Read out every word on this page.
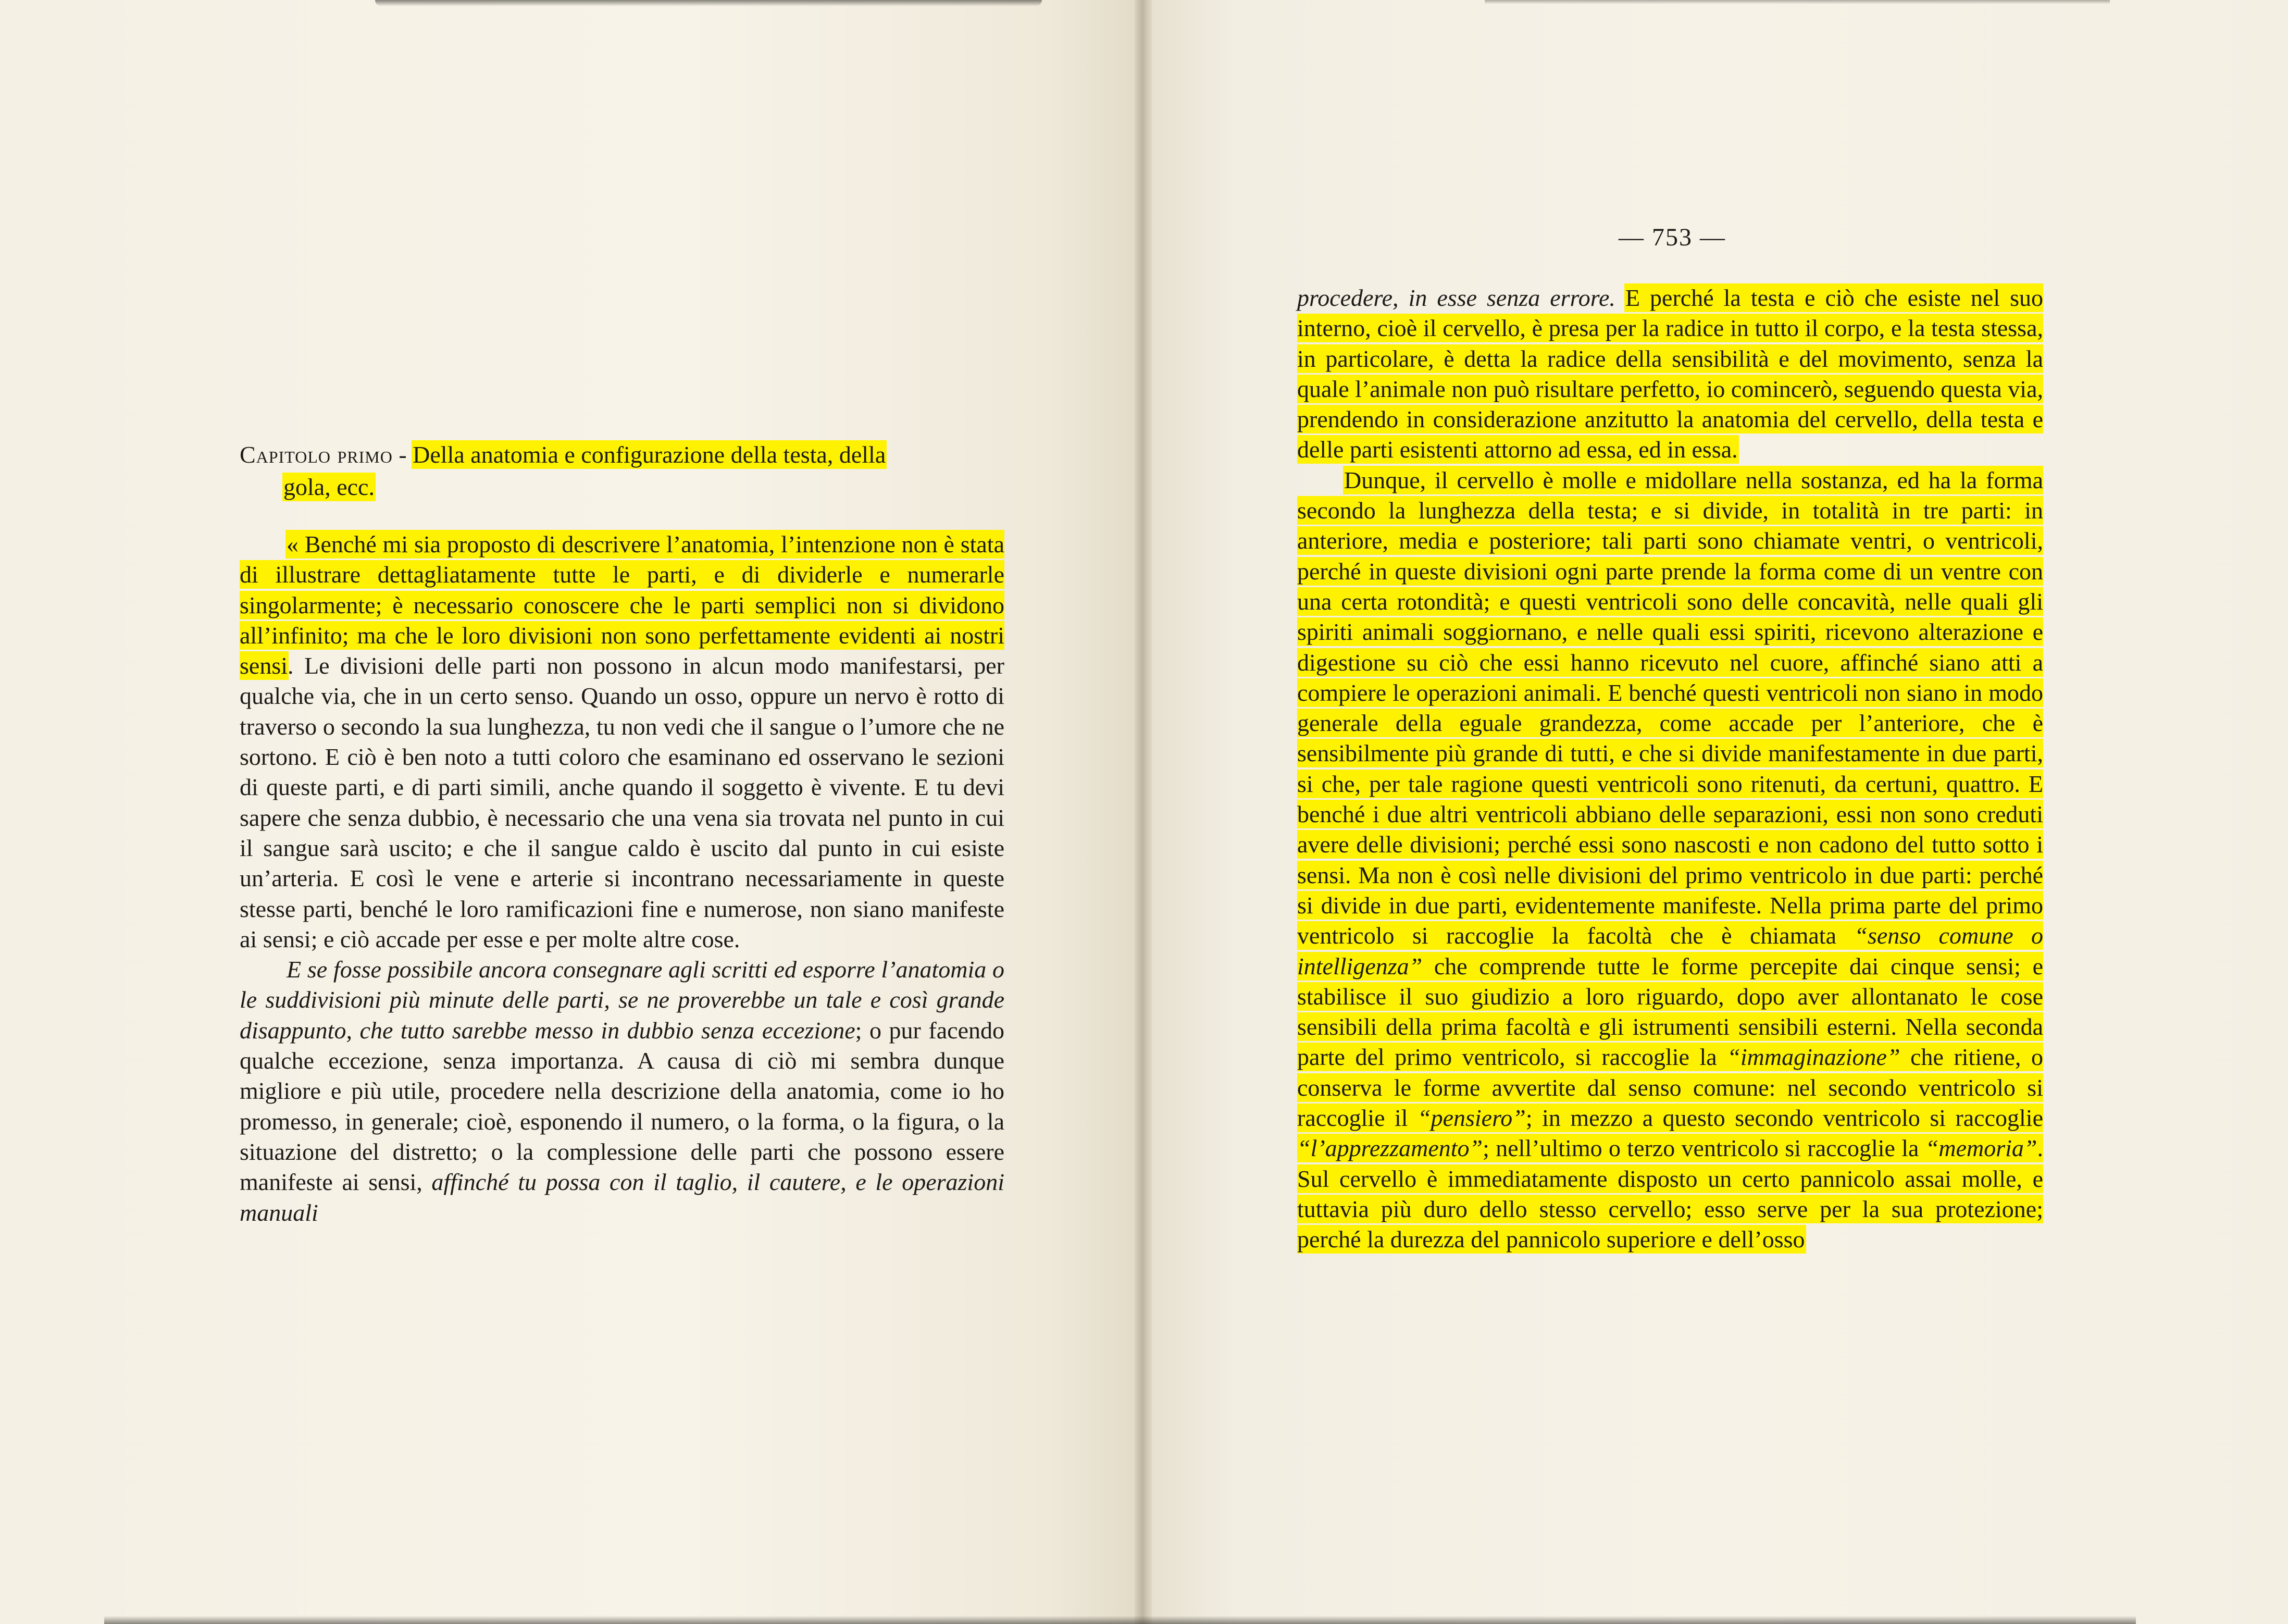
Capitolo primo - Della anatomia e configurazione della testa, della
gola, ecc.

« Benché mi sia proposto di descrivere l’anatomia, l’intenzione non è stata di illustrare dettagliatamente tutte le parti, e di dividerle e numerarle singolarmente; è necessario conoscere che le parti semplici non si dividono all’infinito; ma che le loro divisioni non sono perfettamente evidenti ai nostri sensi. Le divisioni delle parti non possono in alcun modo manifestarsi, per qualche via, che in un certo senso. Quando un osso, oppure un nervo è rotto di traverso o secondo la sua lunghezza, tu non vedi che il sangue o l’umore che ne sortono. E ciò è ben noto a tutti coloro che esaminano ed osservano le sezioni di queste parti, e di parti simili, anche quando il soggetto è vivente. E tu devi sapere che senza dubbio, è necessario che una vena sia trovata nel punto in cui il sangue sarà uscito; e che il sangue caldo è uscito dal punto in cui esiste un’arteria. E così le vene e arterie si incontrano necessariamente in queste stesse parti, benché le loro ramificazioni fine e numerose, non siano manifeste ai sensi; e ciò accade per esse e per molte altre cose.

E se fosse possibile ancora consegnare agli scritti ed esporre l’anatomia o le suddivisioni più minute delle parti, se ne proverebbe un tale e così grande disappunto, che tutto sarebbe messo in dubbio senza eccezione; o pur facendo qualche eccezione, senza importanza. A causa di ciò mi sembra dunque migliore e più utile, procedere nella descrizione della anatomia, come io ho promesso, in generale; cioè, esponendo il numero, o la forma, o la figura, o la situazione del distretto; o la complessione delle parti che possono essere manifeste ai sensi, affinché tu possa con il taglio, il cautere, e le operazioni manuali

— 753 —

procedere, in esse senza errore. E perché la testa e ciò che esiste nel suo interno, cioè il cervello, è presa per la radice in tutto il corpo, e la testa stessa, in particolare, è detta la radice della sensibilità e del movimento, senza la quale l’animale non può risultare perfetto, io comincerò, seguendo questa via, prendendo in considerazione anzitutto la anatomia del cervello, della testa e delle parti esistenti attorno ad essa, ed in essa.

Dunque, il cervello è molle e midollare nella sostanza, ed ha la forma secondo la lunghezza della testa; e si divide, in totalità in tre parti: in anteriore, media e posteriore; tali parti sono chiamate ventri, o ventricoli, perché in queste divisioni ogni parte prende la forma come di un ventre con una certa rotondità; e questi ventricoli sono delle concavità, nelle quali gli spiriti animali soggiornano, e nelle quali essi spiriti, ricevono alterazione e digestione su ciò che essi hanno ricevuto nel cuore, affinché siano atti a compiere le operazioni animali. E benché questi ventricoli non siano in modo generale della eguale grandezza, come accade per l’anteriore, che è sensibilmente più grande di tutti, e che si divide manifestamente in due parti, si che, per tale ragione questi ventricoli sono ritenuti, da certuni, quattro. E benché i due altri ventricoli abbiano delle separazioni, essi non sono creduti avere delle divisioni; perché essi sono nascosti e non cadono del tutto sotto i sensi. Ma non è così nelle divisioni del primo ventricolo in due parti: perché si divide in due parti, evidentemente manifeste. Nella prima parte del primo ventricolo si raccoglie la facoltà che è chiamata “senso comune o intelligenza” che comprende tutte le forme percepite dai cinque sensi; e stabilisce il suo giudizio a loro riguardo, dopo aver allontanato le cose sensibili della prima facoltà e gli istrumenti sensibili esterni. Nella seconda parte del primo ventricolo, si raccoglie la “immaginazione” che ritiene, o conserva le forme avvertite dal senso comune: nel secondo ventricolo si raccoglie il “pensiero”; in mezzo a questo secondo ventricolo si raccoglie “l’apprezzamento”; nell’ultimo o terzo ventricolo si raccoglie la “memoria”. Sul cervello è immediatamente disposto un certo pannicolo assai molle, e tuttavia più duro dello stesso cervello; esso serve per la sua protezione; perché la durezza del pannicolo superiore e dell’osso
